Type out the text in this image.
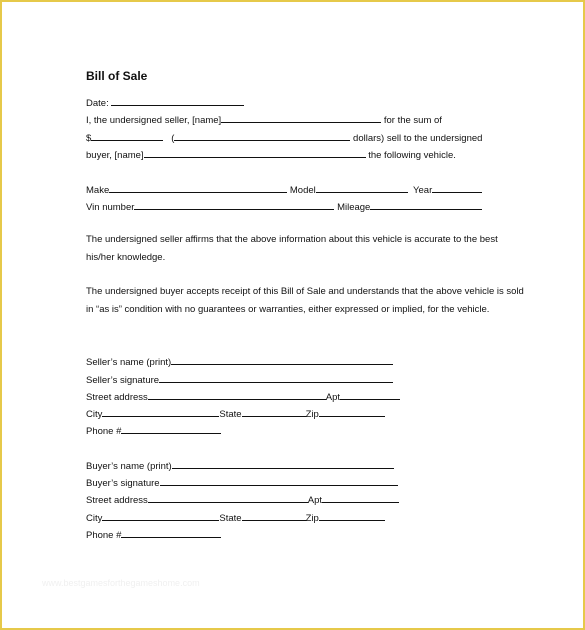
Bill of Sale
Date:
I, the undersigned seller, [name]	for the sum of
$	(	dollars) sell to the undersigned
buyer, [name]	the following vehicle.
Make	Model	Year
Vin number	Mileage
The undersigned seller affirms that the above information about this vehicle is accurate to the best his/her knowledge.
The undersigned buyer accepts receipt of this Bill of Sale and understands that the above vehicle is sold in “as is” condition with no guarantees or warranties, either expressed or implied, for the vehicle.
Seller’s name (print)
Seller’s signature
Street address	Apt
City	State	Zip
Phone #
Buyer’s name (print)
Buyer’s signature
Street address	Apt
City	State	Zip
Phone #
www.bestgamesforthegameshome.com
